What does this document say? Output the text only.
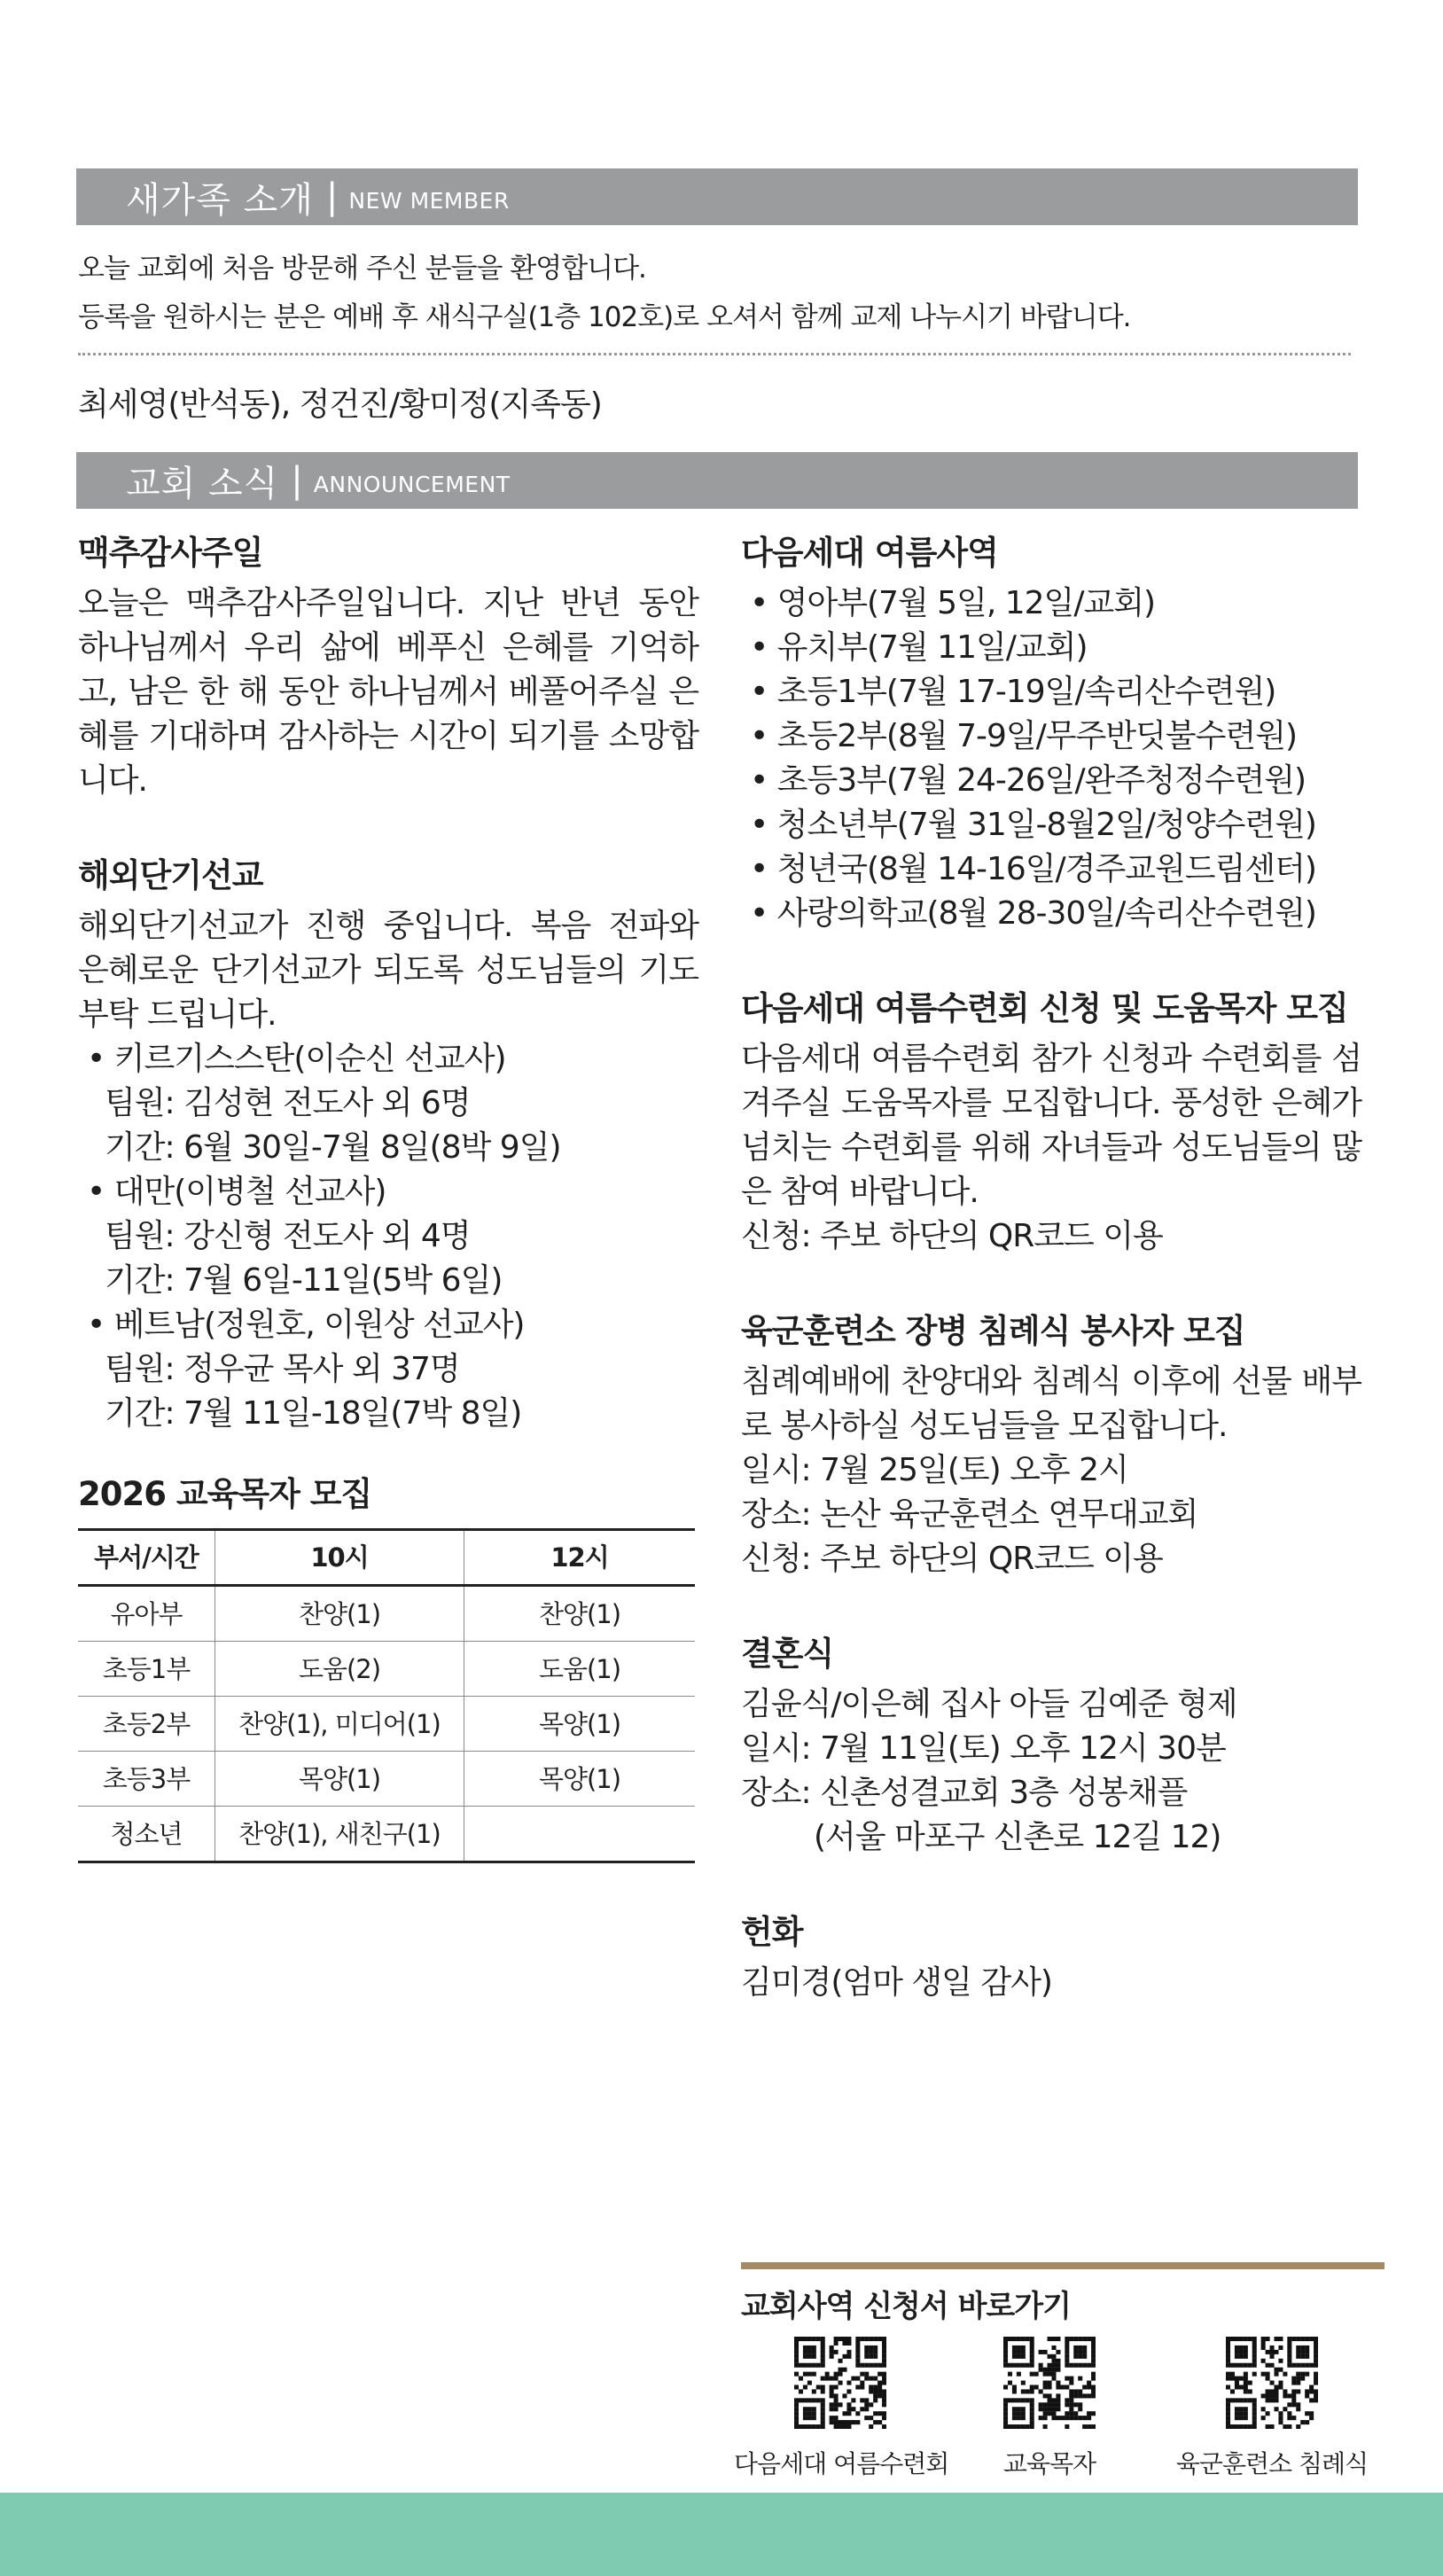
새가족 소개 | NEW MEMBER

오늘 교회에 처음 방문해 주신 분들을 환영합니다.

등록을 원하시는 분은 예배 후 새식구실(1층 102호)로 오셔서 함께 교제 나누시기 바랍니다.

최세영(반석동), 정건진/황미정(지족동)
교회 소식 | ANNOUNCEMENT
맥추감사주일
오늘은 맥추감사주일입니다. 지난 반년 동안 하나님께서 우리 삶에 베푸신 은혜를 기억하고, 남은 한 해 동안 하나님께서 베풀어주실 은혜를 기대하며 감사하는 시간이 되기를 소망합니다.
해외단기선교
해외단기선교가 진행 중입니다. 복음 전파와 은혜로운 단기선교가 되도록 성도님들의 기도 부탁 드립니다.
• 키르기스스탄(이순신 선교사)
팀원: 김성현 전도사 외 6명
기간: 6월 30일-7월 8일(8박 9일)
• 대만(이병철 선교사)
팀원: 강신형 전도사 외 4명
기간: 7월 6일-11일(5박 6일)
• 베트남(정원호, 이원상 선교사)
팀원: 정우균 목사 외 37명
기간: 7월 11일-18일(7박 8일)
2026 교육목자 모집
부서/시간	10시	12시
유아부	찬양(1)	찬양(1)
초등1부	도움(2)	도움(1)
초등2부	찬양(1), 미디어(1)	목양(1)
초등3부	목양(1)	목양(1)
청소년	찬양(1), 새친구(1)	
다음세대 여름사역
• 영아부(7월 5일, 12일/교회)
• 유치부(7월 11일/교회)
• 초등1부(7월 17-19일/속리산수련원)
• 초등2부(8월 7-9일/무주반딧불수련원)
• 초등3부(7월 24-26일/완주청정수련원)
• 청소년부(7월 31일-8월2일/청양수련원)
• 청년국(8월 14-16일/경주교원드림센터)
• 사랑의학교(8월 28-30일/속리산수련원)
다음세대 여름수련회 신청 및 도움목자 모집
다음세대 여름수련회 참가 신청과 수련회를 섬겨주실 도움목자를 모집합니다. 풍성한 은혜가 넘치는 수련회를 위해 자녀들과 성도님들의 많은 참여 바랍니다.
신청: 주보 하단의 QR코드 이용
육군훈련소 장병 침례식 봉사자 모집
침례예배에 찬양대와 침례식 이후에 선물 배부로 봉사하실 성도님들을 모집합니다.
일시: 7월 25일(토) 오후 2시
장소: 논산 육군훈련소 연무대교회
신청: 주보 하단의 QR코드 이용
결혼식
김윤식/이은혜 집사 아들 김예준 형제
일시: 7월 11일(토) 오후 12시 30분
장소: 신촌성결교회 3층 성봉채플
(서울 마포구 신촌로 12길 12)
헌화
김미경(엄마 생일 감사)
교회사역 신청서 바로가기
다음세대 여름수련회	교육목자	육군훈련소 침례식
